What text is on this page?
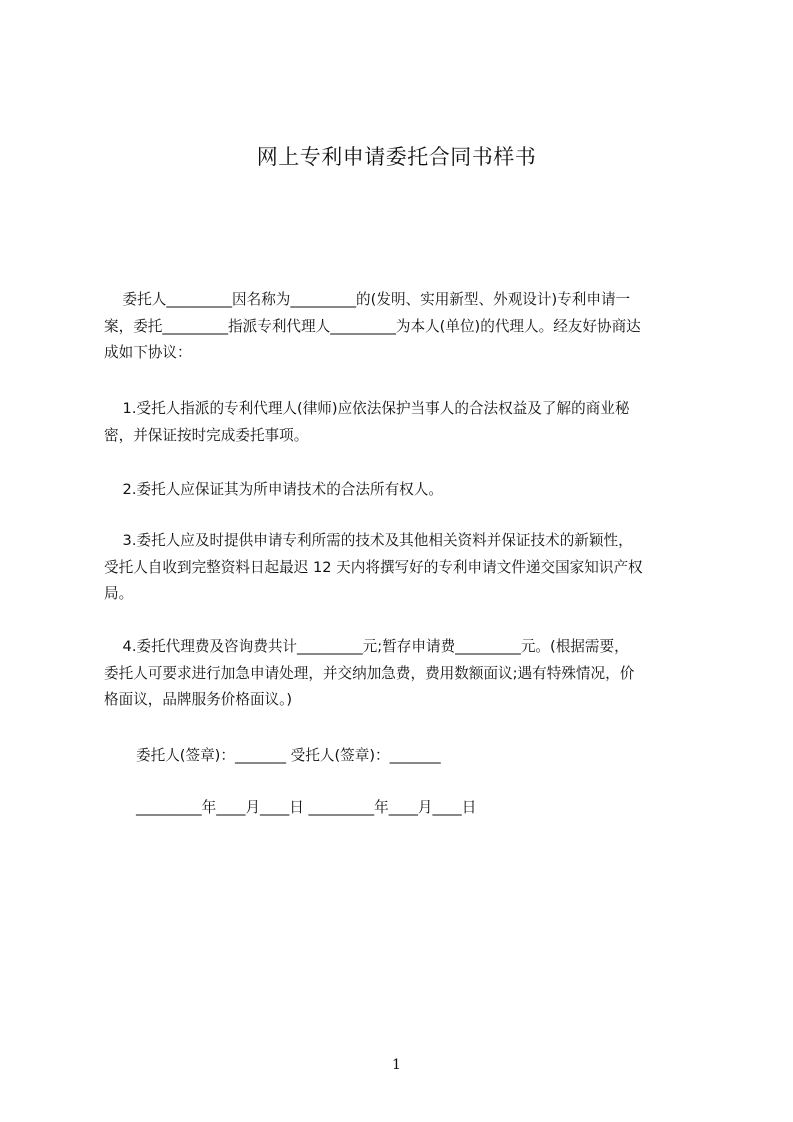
网上专利申请委托合同书样书

委托人_________因名称为_________的(发明、实用新型、外观设计)专利申请一
案，委托_________指派专利代理人_________为本人(单位)的代理人。经友好协商达
成如下协议：

1.受托人指派的专利代理人(律师)应依法保护当事人的合法权益及了解的商业秘
密，并保证按时完成委托事项。

2.委托人应保证其为所申请技术的合法所有权人。

3.委托人应及时提供申请专利所需的技术及其他相关资料并保证技术的新颖性，
受托人自收到完整资料日起最迟 12 天内将撰写好的专利申请文件递交国家知识产权
局。

4.委托代理费及咨询费共计_________元;暂存申请费_________元。(根据需要，
委托人可要求进行加急申请处理，并交纳加急费，费用数额面议;遇有特殊情况，价
格面议，品牌服务价格面议。)

委托人(签章)：_______ 受托人(签章)：_______

_________年____月____日 _________年____月____日

1
